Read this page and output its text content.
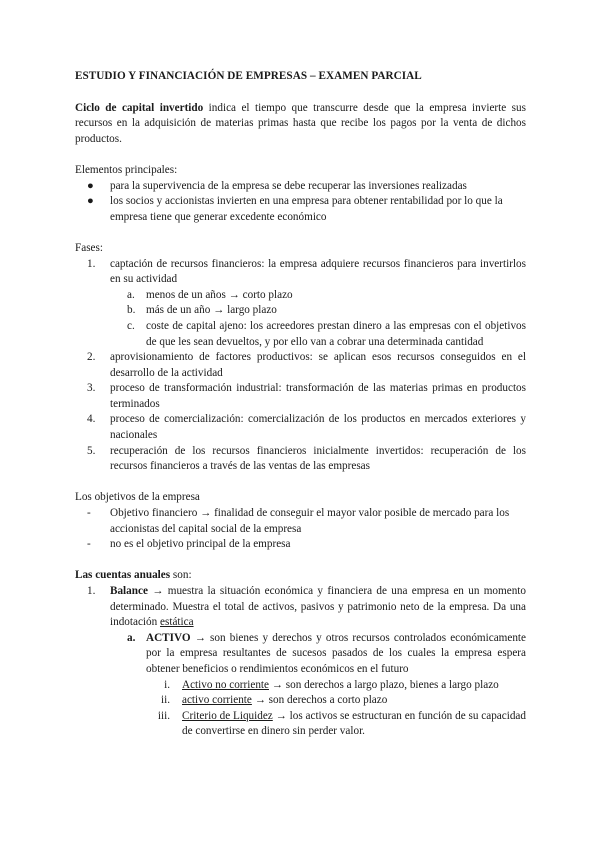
ESTUDIO Y FINANCIACIÓN DE EMPRESAS – EXAMEN PARCIAL

Ciclo de capital invertido indica el tiempo que transcurre desde que la empresa invierte sus recursos en la adquisición de materias primas hasta que recibe los pagos por la venta de dichos productos.

Elementos principales:

● para la supervivencia de la empresa se debe recuperar las inversiones realizadas
● los socios y accionistas invierten en una empresa para obtener rentabilidad por lo que la empresa tiene que generar excedente económico

Fases:

1. captación de recursos financieros: la empresa adquiere recursos financieros para invertirlos en su actividad
a. menos de un años → corto plazo
b. más de un año → largo plazo
c. coste de capital ajeno: los acreedores prestan dinero a las empresas con el objetivos de que les sean devueltos, y por ello van a cobrar una determinada cantidad
2. aprovisionamiento de factores productivos: se aplican esos recursos conseguidos en el desarrollo de la actividad
3. proceso de transformación industrial: transformación de las materias primas en productos terminados
4. proceso de comercialización: comercialización de los productos en mercados exteriores y nacionales
5. recuperación de los recursos financieros inicialmente invertidos: recuperación de los recursos financieros a través de las ventas de las empresas

Los objetivos de la empresa

- Objetivo financiero → finalidad de conseguir el mayor valor posible de mercado para los accionistas del capital social de la empresa
- no es el objetivo principal de la empresa

Las cuentas anuales son:

1. Balance → muestra la situación económica y financiera de una empresa en un momento determinado. Muestra el total de activos, pasivos y patrimonio neto de la empresa. Da una indotación estática
a. ACTIVO → son bienes y derechos y otros recursos controlados económicamente por la empresa resultantes de sucesos pasados de los cuales la empresa espera obtener beneficios o rendimientos económicos en el futuro
i. Activo no corriente → son derechos a largo plazo, bienes a largo plazo
ii. activo corriente → son derechos a corto plazo
iii. Criterio de Liquidez → los activos se estructuran en función de su capacidad de convertirse en dinero sin perder valor.
